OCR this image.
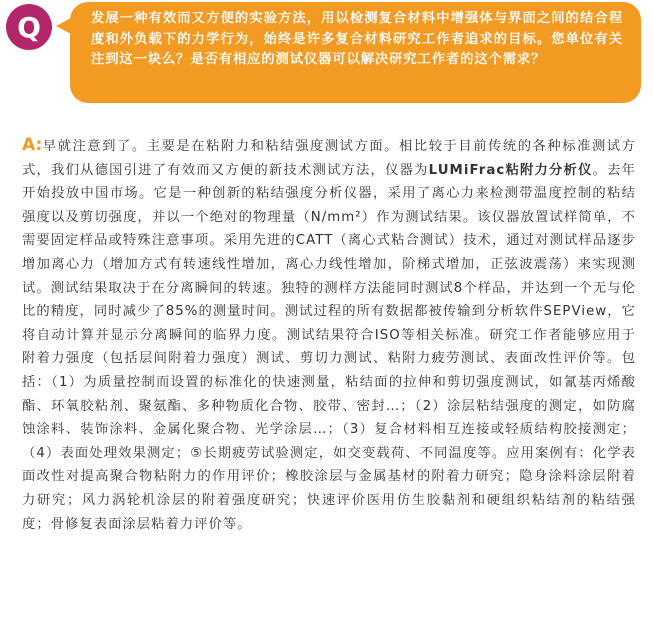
Q	发展一种有效而又方便的实验方法，用以检测复合材料中增强体与界面之间的结合程度和外负载下的力学行为，始终是许多复合材料研究工作者追求的目标。您单位有关注到这一块么？是否有相应的测试仪器可以解决研究工作者的这个需求？

A:早就注意到了。主要是在粘附力和粘结强度测试方面。相比较于目前传统的各种标准测试方式，我们从德国引进了有效而又方便的新技术测试方法，仪器为LUMiFrac粘附力分析仪。去年开始投放中国市场。它是一种创新的粘结强度分析仪器，采用了离心力来检测带温度控制的粘结强度以及剪切强度，并以一个绝对的物理量（N/mm²）作为测试结果。该仪器放置试样简单，不需要固定样品或特殊注意事项。采用先进的CATT（离心式粘合测试）技术，通过对测试样品逐步增加离心力（增加方式有转速线性增加，离心力线性增加，阶梯式增加，正弦波震荡）来实现测试。测试结果取决于在分离瞬间的转速。独特的测样方法能同时测试8个样品，并达到一个无与伦比的精度，同时减少了85%的测量时间。测试过程的所有数据都被传输到分析软件SEPView，它将自动计算并显示分离瞬间的临界力度。测试结果符合ISO等相关标准。研究工作者能够应用于附着力强度（包括层间附着力强度）测试、剪切力测试、粘附力疲劳测试、表面改性评价等。包括：（1）为质量控制而设置的标准化的快速测量，粘结面的拉伸和剪切强度测试，如氰基丙烯酸酯、环氧胶粘剂、聚氨酯、多种物质化合物、胶带、密封…；（2）涂层粘结强度的测定，如防腐蚀涂料、装饰涂料、金属化聚合物、光学涂层…；（3）复合材料相互连接或轻质结构胶接测定；（4）表面处理效果测定；⑤长期疲劳试验测定，如交变载荷、不同温度等。应用案例有：化学表面改性对提高聚合物粘附力的作用评价；橡胶涂层与金属基材的附着力研究；隐身涂料涂层附着力研究；风力涡轮机涂层的附着强度研究；快速评价医用仿生胶黏剂和硬组织粘结剂的粘结强度；骨修复表面涂层粘着力评价等。
